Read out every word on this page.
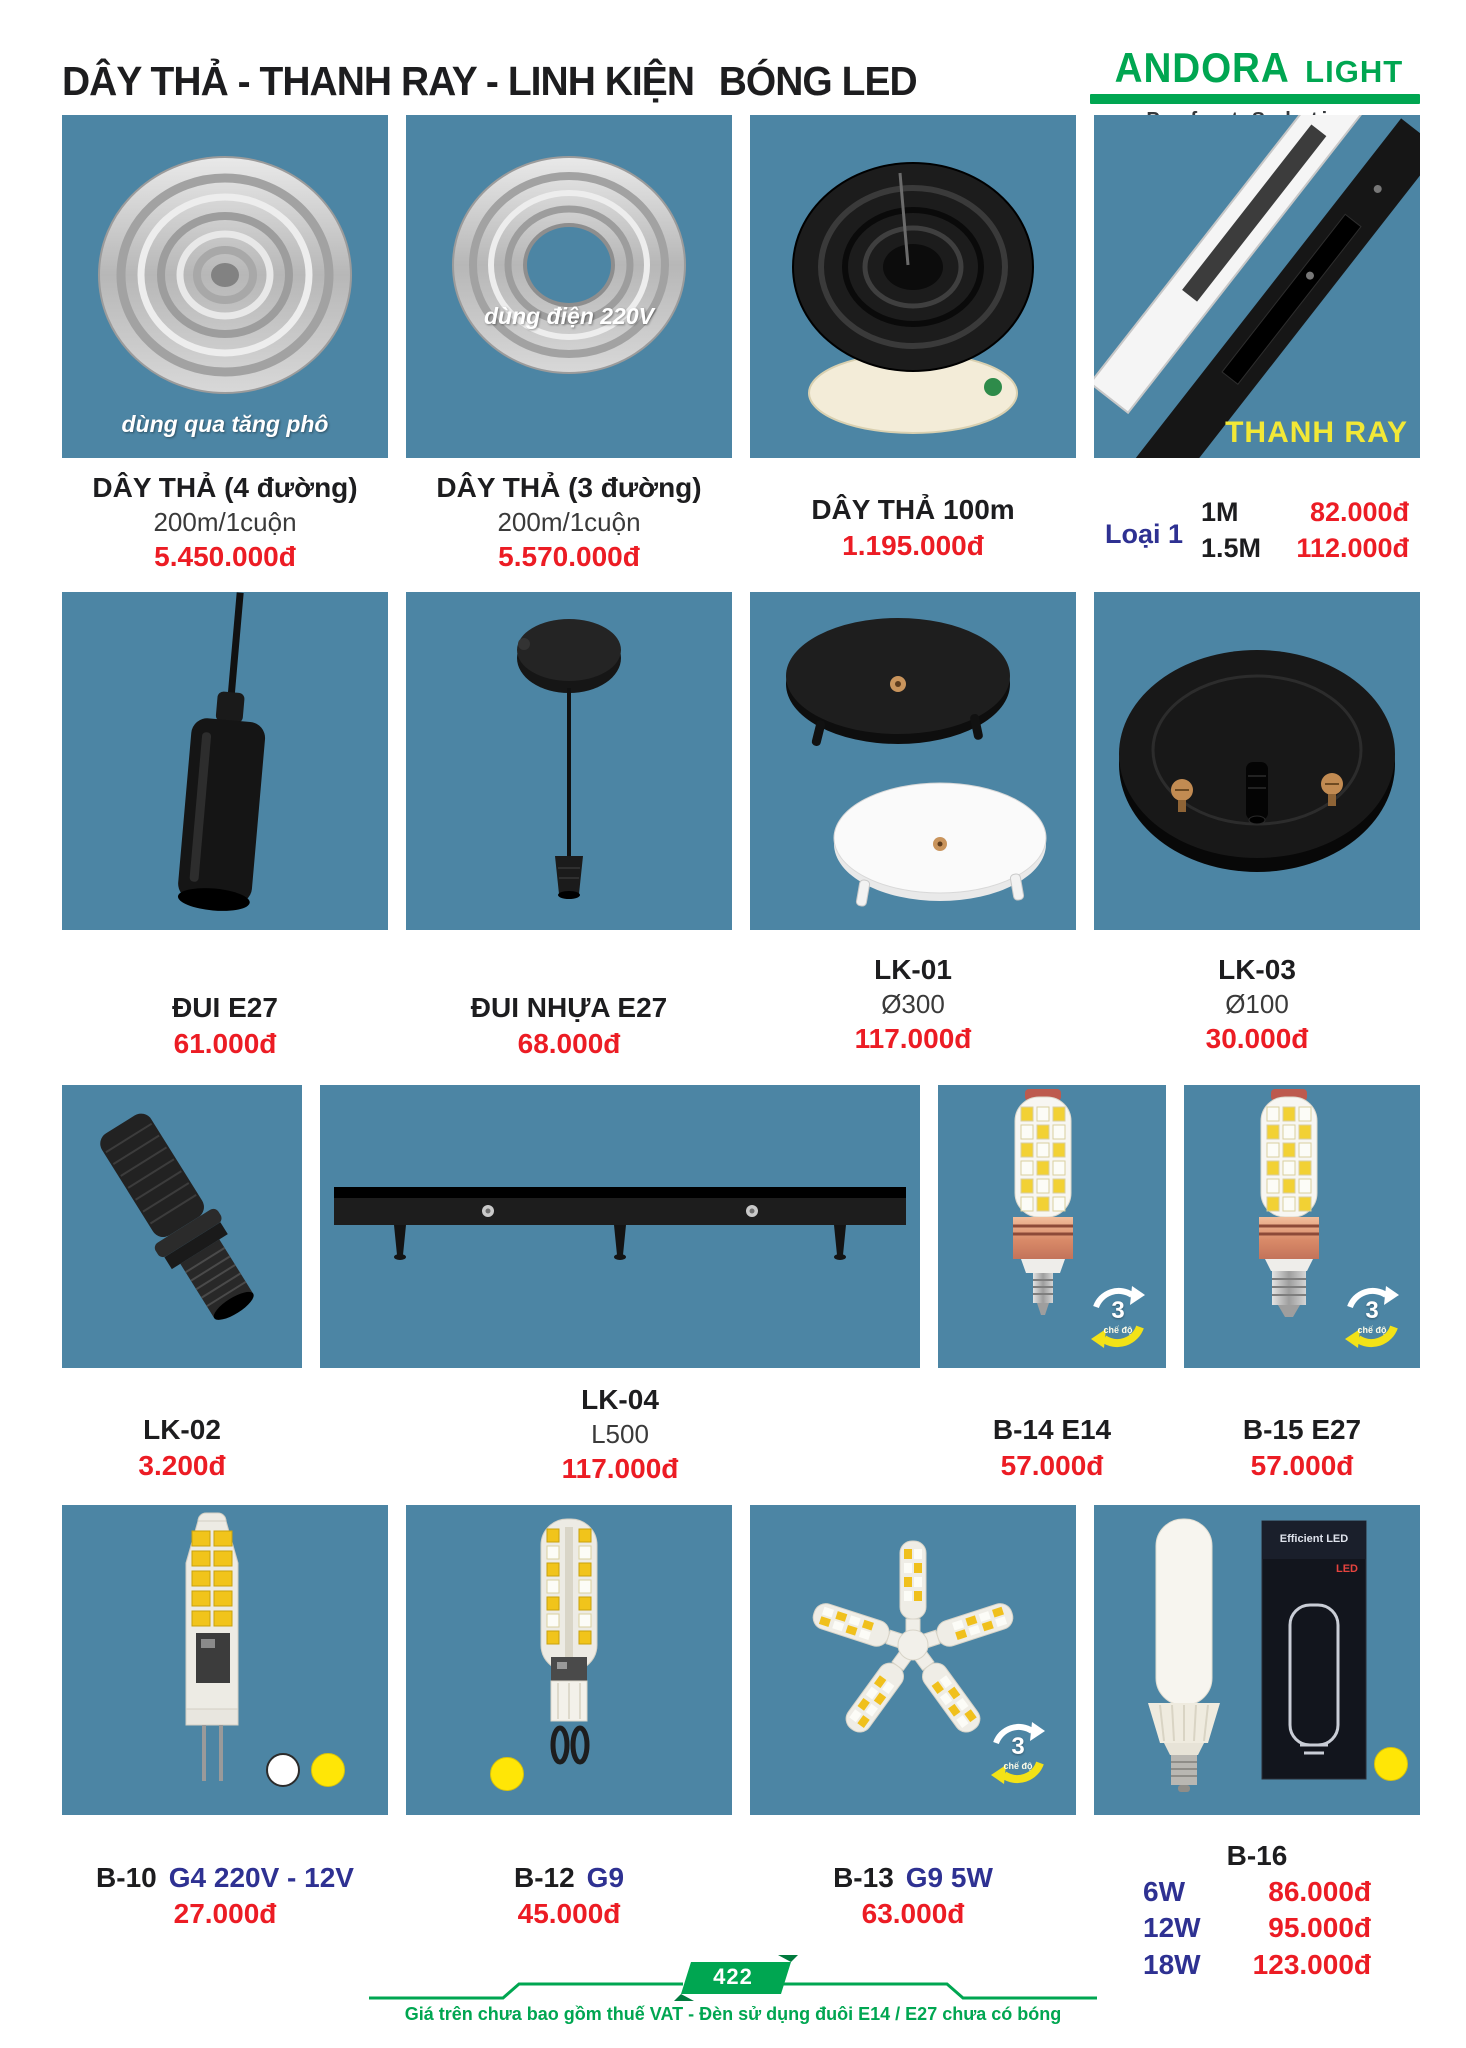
DÂY THẢ - THANH RAY - LINH KIỆN BÓNG LED	ANDORA LIGHT
dùng qua tăng phô
dùng điện 220V
THANH RAY
DÂY THẢ (4 đường)
200m/1cuộn
5.450.000đ
DÂY THẢ (3 đường)
200m/1cuộn
5.570.000đ
DÂY THẢ 100m
1.195.000đ	Loại 1
1M	82.000đ
1.5M	112.000đ
ĐUI E27
61.000đ
ĐUI NHỰA E27
68.000đ
LK-01
Ø300
117.000đ
LK-03
Ø100
30.000đ
3
chế độ
3
chế độ
LK-02
3.200đ
LK-04
L500
117.000đ
B-14 E14
57.000đ
B-15 E27
57.000đ
3
chế độ
Efficient LED
LED
B-10 G4 220V - 12V
27.000đ
B-12 G9
45.000đ
B-13 G9 5W
63.000đ
B-16
6W	86.000đ
12W	95.000đ
18W	123.000đ
422
Giá trên chưa bao gồm thuế VAT - Đèn sử dụng đuôi E14 / E27 chưa có bóng
